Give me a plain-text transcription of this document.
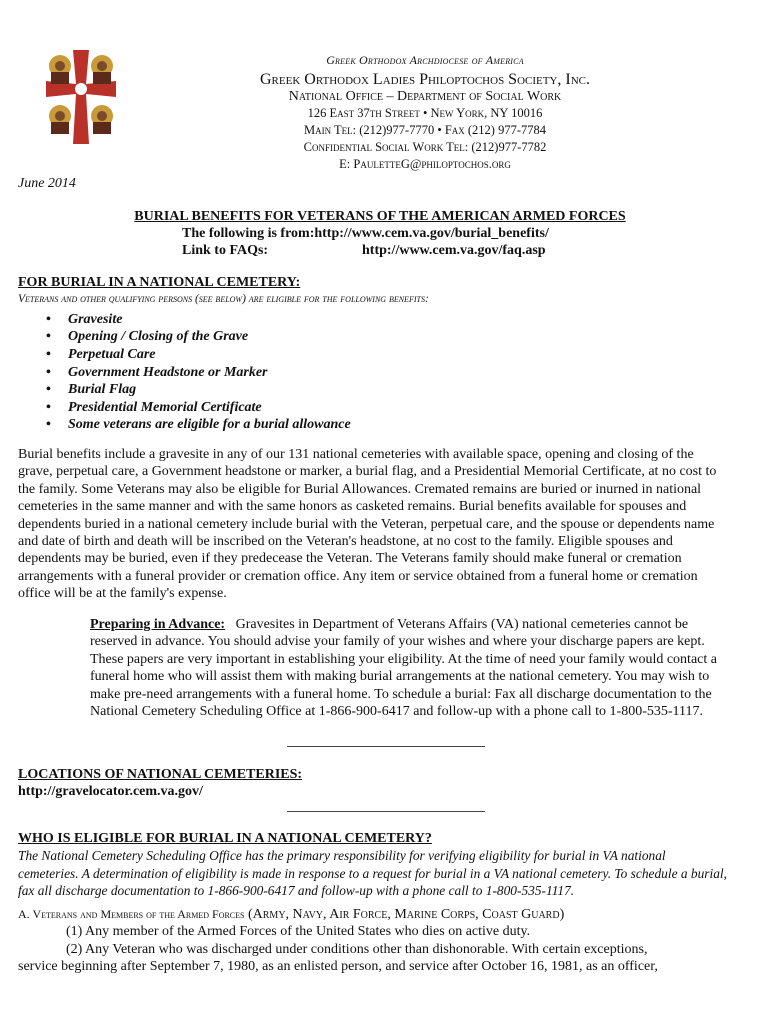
Greek Orthodox Archdiocese of America
Greek Orthodox Ladies Philoptochos Society, Inc.
National Office – Department of Social Work
126 East 37th Street • New York, NY 10016
Main Tel: (212)977-7770 • Fax (212) 977-7784
Confidential Social Work Tel: (212)977-7782
E: PauletteG@philoptochos.org
June 2014
BURIAL BENEFITS FOR VETERANS OF THE AMERICAN ARMED FORCES
The following is from:http://www.cem.va.gov/burial_benefits/
Link to FAQs:	http://www.cem.va.gov/faq.asp
FOR BURIAL IN A NATIONAL CEMETERY:
Veterans and other qualifying persons (see below) are eligible for the following benefits:
• Gravesite
• Opening / Closing of the Grave
• Perpetual Care
• Government Headstone or Marker
• Burial Flag
• Presidential Memorial Certificate
• Some veterans are eligible for a burial allowance

Burial benefits include a gravesite in any of our 131 national cemeteries with available space, opening and closing of the grave, perpetual care, a Government headstone or marker, a burial flag, and a Presidential Memorial Certificate, at no cost to the family. Some Veterans may also be eligible for Burial Allowances. Cremated remains are buried or inurned in national cemeteries in the same manner and with the same honors as casketed remains. Burial benefits available for spouses and dependents buried in a national cemetery include burial with the Veteran, perpetual care, and the spouse or dependents name and date of birth and death will be inscribed on the Veteran's headstone, at no cost to the family. Eligible spouses and dependents may be buried, even if they predecease the Veteran. The Veterans family should make funeral or cremation arrangements with a funeral provider or cremation office. Any item or service obtained from a funeral home or cremation office will be at the family's expense.

Preparing in Advance: Gravesites in Department of Veterans Affairs (VA) national cemeteries cannot be reserved in advance. You should advise your family of your wishes and where your discharge papers are kept. These papers are very important in establishing your eligibility. At the time of need your family would contact a funeral home who will assist them with making burial arrangements at the national cemetery. You may wish to make pre-need arrangements with a funeral home. To schedule a burial: Fax all discharge documentation to the National Cemetery Scheduling Office at 1-866-900-6417 and follow-up with a phone call to 1-800-535-1117.

LOCATIONS OF NATIONAL CEMETERIES:
http://gravelocator.cem.va.gov/
WHO IS ELIGIBLE FOR BURIAL IN A NATIONAL CEMETERY?

The National Cemetery Scheduling Office has the primary responsibility for verifying eligibility for burial in VA national cemeteries. A determination of eligibility is made in response to a request for burial in a VA national cemetery. To schedule a burial, fax all discharge documentation to 1-866-900-6417 and follow-up with a phone call to 1-800-535-1117.

A. Veterans and Members of the Armed Forces (Army, Navy, Air Force, Marine Corps, Coast Guard)
(1) Any member of the Armed Forces of the United States who dies on active duty.
(2) Any Veteran who was discharged under conditions other than dishonorable. With certain exceptions,
service beginning after September 7, 1980, as an enlisted person, and service after October 16, 1981, as an officer,
